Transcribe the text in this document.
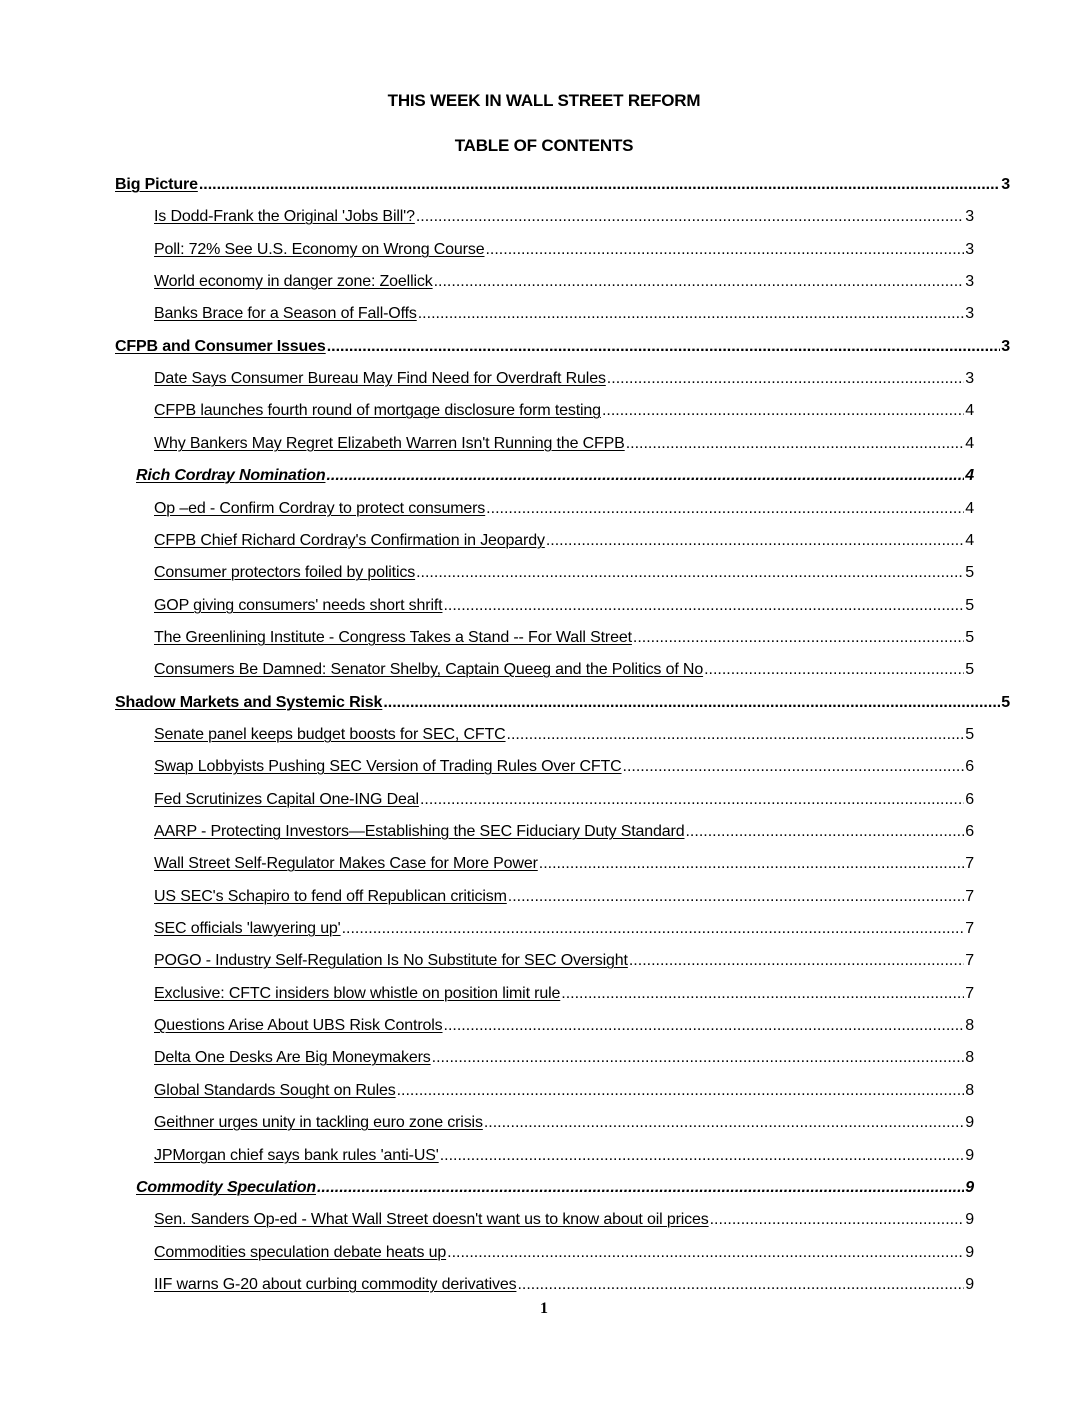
THIS WEEK IN WALL STREET REFORM
TABLE OF CONTENTS
Big Picture .....	3
Is Dodd-Frank the Original 'Jobs Bill'? .....	3
Poll: 72% See U.S. Economy on Wrong Course .....	3
World economy in danger zone: Zoellick .....	3
Banks Brace for a Season of Fall-Offs .....	3
CFPB and Consumer Issues .....	3
Date Says Consumer Bureau May Find Need for Overdraft Rules .....	3
CFPB launches fourth round of mortgage disclosure form testing .....	4
Why Bankers May Regret Elizabeth Warren Isn't Running the CFPB .....	4
Rich Cordray Nomination .....	4
Op –ed - Confirm Cordray to protect consumers .....	4
CFPB Chief Richard Cordray's Confirmation in Jeopardy .....	4
Consumer protectors foiled by politics .....	5
GOP giving consumers' needs short shrift .....	5
The Greenlining Institute - Congress Takes a Stand -- For Wall Street .....	5
Consumers Be Damned: Senator Shelby, Captain Queeg and the Politics of No .....	5
Shadow Markets and Systemic Risk .....	5
Senate panel keeps budget boosts for SEC, CFTC .....	5
Swap Lobbyists Pushing SEC Version of Trading Rules Over CFTC .....	6
Fed Scrutinizes Capital One-ING Deal .....	6
AARP - Protecting Investors—Establishing the SEC Fiduciary Duty Standard .....	6
Wall Street Self-Regulator Makes Case for More Power .....	7
US SEC's Schapiro to fend off Republican criticism .....	7
SEC officials 'lawyering up' .....	7
POGO - Industry Self-Regulation Is No Substitute for SEC Oversight .....	7
Exclusive: CFTC insiders blow whistle on position limit rule .....	7
Questions Arise About UBS Risk Controls .....	8
Delta One Desks Are Big Moneymakers .....	8
Global Standards Sought on Rules .....	8
Geithner urges unity in tackling euro zone crisis .....	9
JPMorgan chief says bank rules 'anti-US' .....	9
Commodity Speculation .....	9
Sen. Sanders Op-ed - What Wall Street doesn't want us to know about oil prices .....	9
Commodities speculation debate heats up .....	9
IIF warns G-20 about curbing commodity derivatives .....	9
1
